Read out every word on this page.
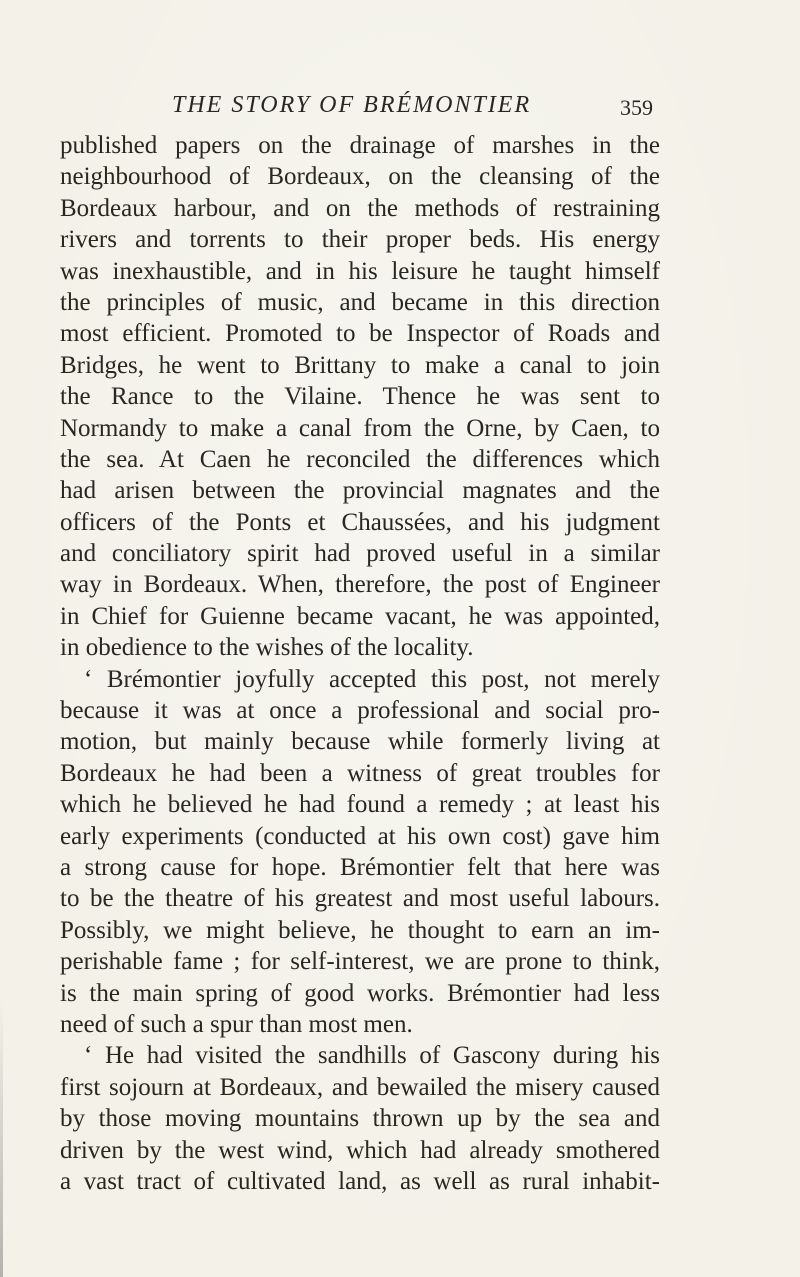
THE STORY OF BRÉMONTIER	359
published papers on the drainage of marshes in the
neighbourhood of Bordeaux, on the cleansing of the
Bordeaux harbour, and on the methods of restraining
rivers and torrents to their proper beds. His energy
was inexhaustible, and in his leisure he taught himself
the principles of music, and became in this direction
most efficient. Promoted to be Inspector of Roads and
Bridges, he went to Brittany to make a canal to join
the Rance to the Vilaine. Thence he was sent to
Normandy to make a canal from the Orne, by Caen, to
the sea. At Caen he reconciled the differences which
had arisen between the provincial magnates and the
officers of the Ponts et Chaussées, and his judgment
and conciliatory spirit had proved useful in a similar
way in Bordeaux. When, therefore, the post of Engineer
in Chief for Guienne became vacant, he was appointed,
in obedience to the wishes of the locality.
‘ Brémontier joyfully accepted this post, not merely
because it was at once a professional and social pro-
motion, but mainly because while formerly living at
Bordeaux he had been a witness of great troubles for
which he believed he had found a remedy ; at least his
early experiments (conducted at his own cost) gave him
a strong cause for hope. Brémontier felt that here was
to be the theatre of his greatest and most useful labours.
Possibly, we might believe, he thought to earn an im-
perishable fame ; for self-interest, we are prone to think,
is the main spring of good works. Brémontier had less
need of such a spur than most men.
‘ He had visited the sandhills of Gascony during his
first sojourn at Bordeaux, and bewailed the misery caused
by those moving mountains thrown up by the sea and
driven by the west wind, which had already smothered
a vast tract of cultivated land, as well as rural inhabit-
